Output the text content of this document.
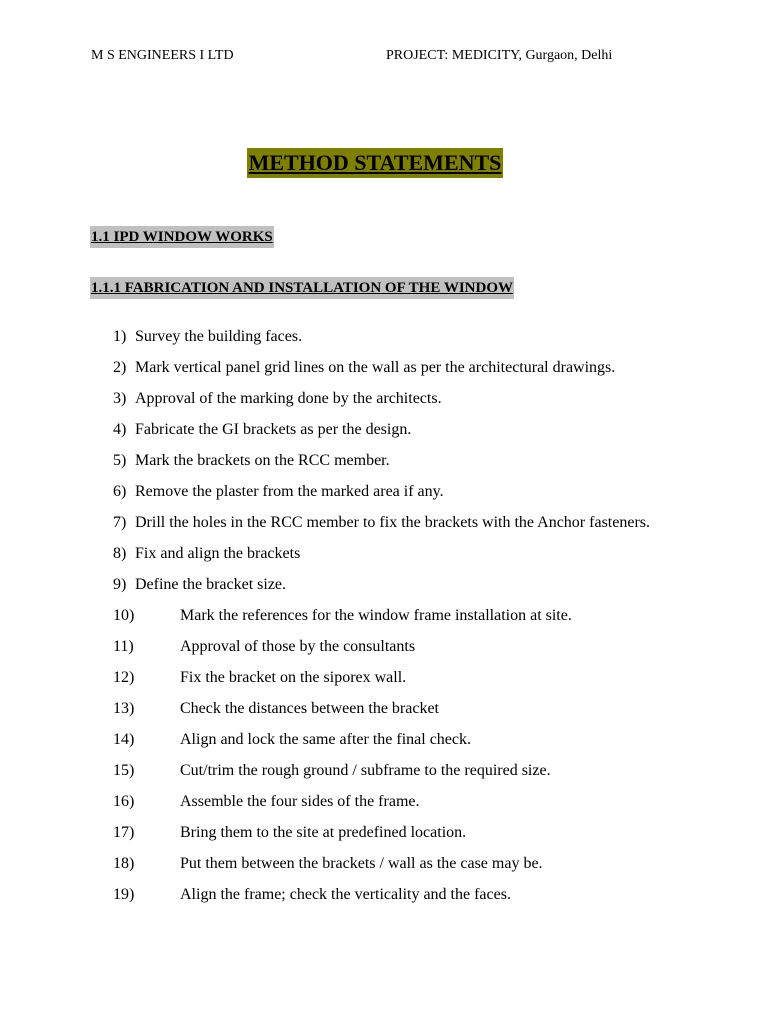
M S ENGINEERS I LTD	PROJECT: MEDICITY, Gurgaon, Delhi
METHOD STATEMENTS
1.1 IPD WINDOW WORKS
1.1.1 FABRICATION AND INSTALLATION OF THE WINDOW
1) Survey the building faces.
2) Mark vertical panel grid lines on the wall as per the architectural drawings.
3) Approval of the marking done by the architects.
4) Fabricate the GI brackets as per the design.
5) Mark the brackets on the RCC member.
6) Remove the plaster from the marked area if any.
7) Drill the holes in the RCC member to fix the brackets with the Anchor fasteners.
8) Fix and align the brackets
9) Define the bracket size.
10)	Mark the references for the window frame installation at site.
11)	Approval of those by the consultants
12)	Fix the bracket on the siporex wall.
13)	Check the distances between the bracket
14)	Align and lock the same after the final check.
15)	Cut/trim the rough ground / subframe to the required size.
16)	Assemble the four sides of the frame.
17)	Bring them to the site at predefined location.
18)	Put them between the brackets / wall as the case may be.
19)	Align the frame; check the verticality and the faces.
